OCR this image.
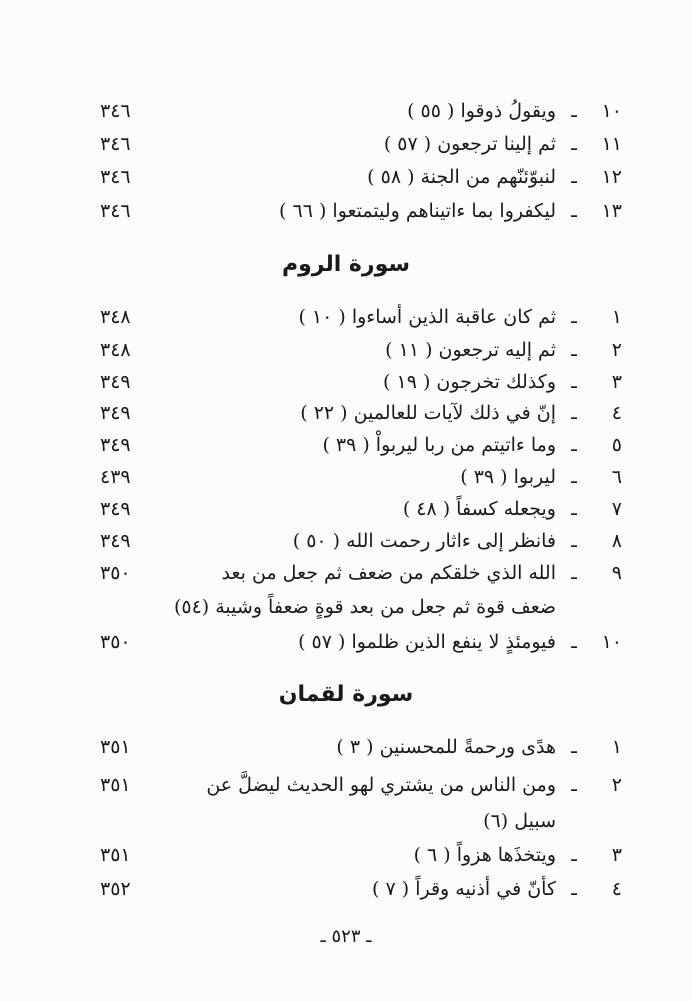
١٠
ـ
ويقولُ ذوقوا ( ٥٥ )
٣٤٦
١١
ـ
ثم إلينا ترجعون ( ٥٧ )
٣٤٦
١٢
ـ
لنبوّئنّهم من الجنة ( ٥٨ )
٣٤٦
١٣
ـ
ليكفروا بما ءاتيناهم وليتمتعوا ( ٦٦ )
٣٤٦
سورة الروم
١
ـ
ثم كان عاقبة الذين أساءوا ( ١٠ )
٣٤٨
٢
ـ
ثم إليه ترجعون ( ١١ )
٣٤٨
٣
ـ
وكذلك تخرجون ( ١٩ )
٣٤٩
٤
ـ
إنّ في ذلك لآيات للعالمين ( ٢٢ )
٣٤٩
٥
ـ
وما ءاتيتم من ربا ليربواْ ( ٣٩ )
٣٤٩
٦
ـ
ليربوا ( ٣٩ )
٤٣٩
٧
ـ
ويجعله كسفاً ( ٤٨ )
٣٤٩
٨
ـ
فانظر إلى ءاثار رحمت الله ( ٥٠ )
٣٤٩
٩
ـ
الله الذي خلقكم من ضعف ثم جعل من بعد
٣٥٠
ضعف قوة ثم جعل من بعد قوةٍ ضعفاً وشيبة (٥٤)
١٠
ـ
فيومئذٍ لا ينفع الذين ظلموا ( ٥٧ )
٣٥٠
سورة لقمان
١
ـ
هدًى ورحمةً للمحسنين ( ٣ )
٣٥١
٢
ـ
ومن الناس من يشتري لهو الحديث ليضلَّ عن
٣٥١
سبيل (٦)
٣
ـ
ويتخذَها هزواً ( ٦ )
٣٥١
٤
ـ
كأنّ في أذنيه وقراً ( ٧ )
٣٥٢
ـ ٥٢٣ ـ
